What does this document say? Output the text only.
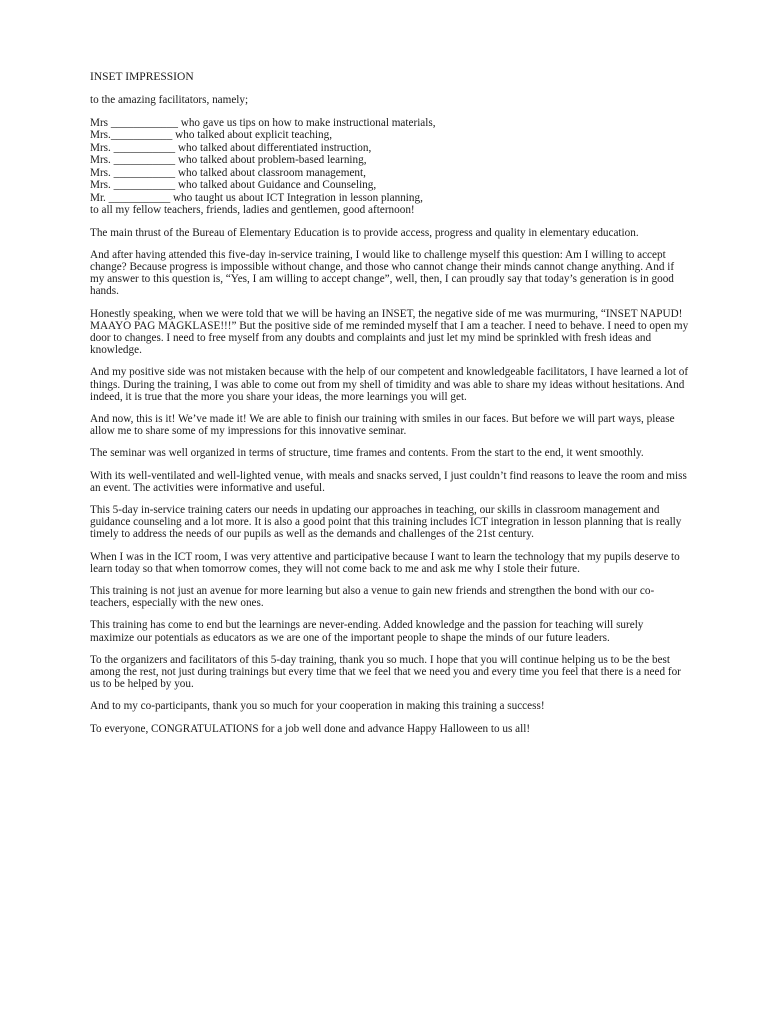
INSET IMPRESSION

to the amazing facilitators, namely;

Mrs ____________ who gave us tips on how to make instructional materials,

Mrs.___________ who talked about explicit teaching,

Mrs. ___________ who talked about differentiated instruction,

Mrs. ___________ who talked about problem-based learning,

Mrs. ___________ who talked about classroom management,

Mrs. ___________ who talked about Guidance and Counseling,

Mr. ___________ who taught us about ICT Integration in lesson planning,

to all my fellow teachers, friends, ladies and gentlemen, good afternoon!

The main thrust of the Bureau of Elementary Education is to provide access, progress and quality in elementary education.

And after having attended this five-day in-service training, I would like to challenge myself this question: Am I willing to accept change? Because progress is impossible without change, and those who cannot change their minds cannot change anything. And if my answer to this question is, “Yes, I am willing to accept change”, well, then, I can proudly say that today’s generation is in good hands.

Honestly speaking, when we were told that we will be having an INSET, the negative side of me was murmuring, “INSET NAPUD! MAAYO PAG MAGKLASE!!!” But the positive side of me reminded myself that I am a teacher. I need to behave. I need to open my door to changes. I need to free myself from any doubts and complaints and just let my mind be sprinkled with fresh ideas and knowledge.

And my positive side was not mistaken because with the help of our competent and knowledgeable facilitators, I have learned a lot of things. During the training, I was able to come out from my shell of timidity and was able to share my ideas without hesitations. And indeed, it is true that the more you share your ideas, the more learnings you will get.

And now, this is it! We’ve made it! We are able to finish our training with smiles in our faces. But before we will part ways, please allow me to share some of my impressions for this innovative seminar.

The seminar was well organized in terms of structure, time frames and contents. From the start to the end, it went smoothly.

With its well-ventilated and well-lighted venue, with meals and snacks served, I just couldn’t find reasons to leave the room and miss an event. The activities were informative and useful.

This 5-day in-service training caters our needs in updating our approaches in teaching, our skills in classroom management and guidance counseling and a lot more. It is also a good point that this training includes ICT integration in lesson planning that is really timely to address the needs of our pupils as well as the demands and challenges of the 21st century.

When I was in the ICT room, I was very attentive and participative because I want to learn the technology that my pupils deserve to learn today so that when tomorrow comes, they will not come back to me and ask me why I stole their future.

This training is not just an avenue for more learning but also a venue to gain new friends and strengthen the bond with our co-teachers, especially with the new ones.

This training has come to end but the learnings are never-ending. Added knowledge and the passion for teaching will surely maximize our potentials as educators as we are one of the important people to shape the minds of our future leaders.

To the organizers and facilitators of this 5-day training, thank you so much. I hope that you will continue helping us to be the best among the rest, not just during trainings but every time that we feel that we need you and every time you feel that there is a need for us to be helped by you.

And to my co-participants, thank you so much for your cooperation in making this training a success!

To everyone, CONGRATULATIONS for a job well done and advance Happy Halloween to us all!
